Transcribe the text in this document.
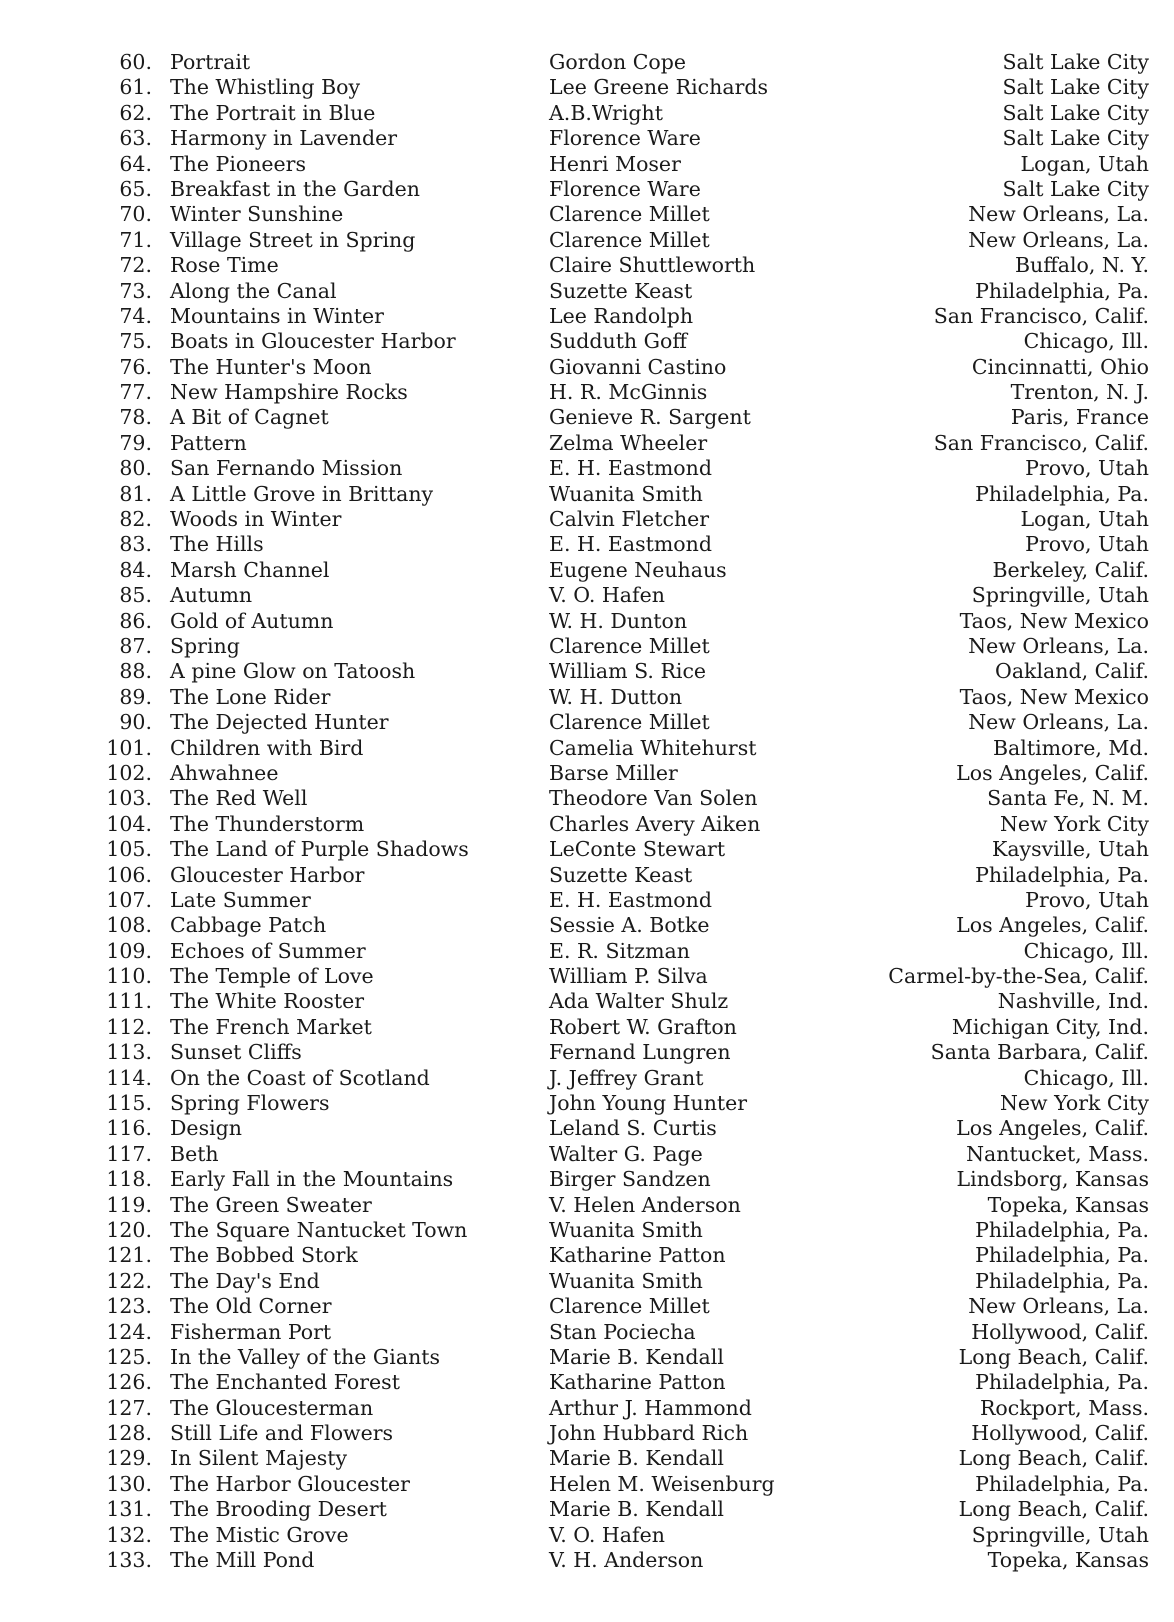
60. Portrait	Gordon Cope	Salt Lake City
61. The Whistling Boy	Lee Greene Richards	Salt Lake City
62. The Portrait in Blue	A.B.Wright	Salt Lake City
63. Harmony in Lavender	Florence Ware	Salt Lake City
64. The Pioneers	Henri Moser	Logan, Utah
65. Breakfast in the Garden	Florence Ware	Salt Lake City
70. Winter Sunshine	Clarence Millet	New Orleans, La.
71. Village Street in Spring	Clarence Millet	New Orleans, La.
72. Rose Time	Claire Shuttleworth	Buffalo, N. Y.
73. Along the Canal	Suzette Keast	Philadelphia, Pa.
74. Mountains in Winter	Lee Randolph	San Francisco, Calif.
75. Boats in Gloucester Harbor	Sudduth Goff	Chicago, Ill.
76. The Hunter's Moon	Giovanni Castino	Cincinnatti, Ohio
77. New Hampshire Rocks	H. R. McGinnis	Trenton, N. J.
78. A Bit of Cagnet	Genieve R. Sargent	Paris, France
79. Pattern	Zelma Wheeler	San Francisco, Calif.
80. San Fernando Mission	E. H. Eastmond	Provo, Utah
81. A Little Grove in Brittany	Wuanita Smith	Philadelphia, Pa.
82. Woods in Winter	Calvin Fletcher	Logan, Utah
83. The Hills	E. H. Eastmond	Provo, Utah
84. Marsh Channel	Eugene Neuhaus	Berkeley, Calif.
85. Autumn	V. O. Hafen	Springville, Utah
86. Gold of Autumn	W. H. Dunton	Taos, New Mexico
87. Spring	Clarence Millet	New Orleans, La.
88. A pine Glow on Tatoosh	William S. Rice	Oakland, Calif.
89. The Lone Rider	W. H. Dutton	Taos, New Mexico
90. The Dejected Hunter	Clarence Millet	New Orleans, La.
101. Children with Bird	Camelia Whitehurst	Baltimore, Md.
102. Ahwahnee	Barse Miller	Los Angeles, Calif.
103. The Red Well	Theodore Van Solen	Santa Fe, N. M.
104. The Thunderstorm	Charles Avery Aiken	New York City
105. The Land of Purple Shadows	LeConte Stewart	Kaysville, Utah
106. Gloucester Harbor	Suzette Keast	Philadelphia, Pa.
107. Late Summer	E. H. Eastmond	Provo, Utah
108. Cabbage Patch	Sessie A. Botke	Los Angeles, Calif.
109. Echoes of Summer	E. R. Sitzman	Chicago, Ill.
110. The Temple of Love	William P. Silva	Carmel-by-the-Sea, Calif.
111. The White Rooster	Ada Walter Shulz	Nashville, Ind.
112. The French Market	Robert W. Grafton	Michigan City, Ind.
113. Sunset Cliffs	Fernand Lungren	Santa Barbara, Calif.
114. On the Coast of Scotland	J. Jeffrey Grant	Chicago, Ill.
115. Spring Flowers	John Young Hunter	New York City
116. Design	Leland S. Curtis	Los Angeles, Calif.
117. Beth	Walter G. Page	Nantucket, Mass.
118. Early Fall in the Mountains	Birger Sandzen	Lindsborg, Kansas
119. The Green Sweater	V. Helen Anderson	Topeka, Kansas
120. The Square Nantucket Town	Wuanita Smith	Philadelphia, Pa.
121. The Bobbed Stork	Katharine Patton	Philadelphia, Pa.
122. The Day's End	Wuanita Smith	Philadelphia, Pa.
123. The Old Corner	Clarence Millet	New Orleans, La.
124. Fisherman Port	Stan Pociecha	Hollywood, Calif.
125. In the Valley of the Giants	Marie B. Kendall	Long Beach, Calif.
126. The Enchanted Forest	Katharine Patton	Philadelphia, Pa.
127. The Gloucesterman	Arthur J. Hammond	Rockport, Mass.
128. Still Life and Flowers	John Hubbard Rich	Hollywood, Calif.
129. In Silent Majesty	Marie B. Kendall	Long Beach, Calif.
130. The Harbor Gloucester	Helen M. Weisenburg	Philadelphia, Pa.
131. The Brooding Desert	Marie B. Kendall	Long Beach, Calif.
132. The Mistic Grove	V. O. Hafen	Springville, Utah
133. The Mill Pond	V. H. Anderson	Topeka, Kansas
